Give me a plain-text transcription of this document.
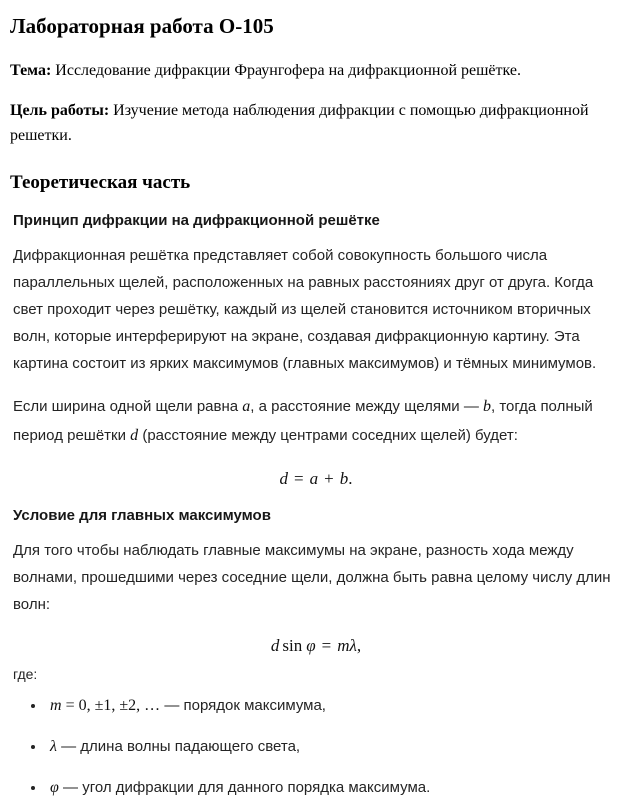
Лабораторная работа О-105

Тема: Исследование дифракции Фраунгофера на дифракционной решётке.

Цель работы: Изучение метода наблюдения дифракции с помощью дифракционной решетки.

Теоретическая часть
Принцип дифракции на дифракционной решётке

Дифракционная решётка представляет собой совокупность большого числа параллельных щелей, расположенных на равных расстояниях друг от друга. Когда свет проходит через решётку, каждый из щелей становится источником вторичных волн, которые интерферируют на экране, создавая дифракционную картину. Эта картина состоит из ярких максимумов (главных максимумов) и тёмных минимумов.

Если ширина одной щели равна a, а расстояние между щелями — b, тогда полный период решётки d (расстояние между центрами соседних щелей) будет:

d = a + b.
Условие для главных максимумов

Для того чтобы наблюдать главные максимумы на экране, разность хода между волнами, прошедшими через соседние щели, должна быть равна целому числу длин волн:

d sin φ = mλ,
где:
• m = 0, ±1, ±2, … — порядок максимума,
• λ — длина волны падающего света,
• φ — угол дифракции для данного порядка максимума.
